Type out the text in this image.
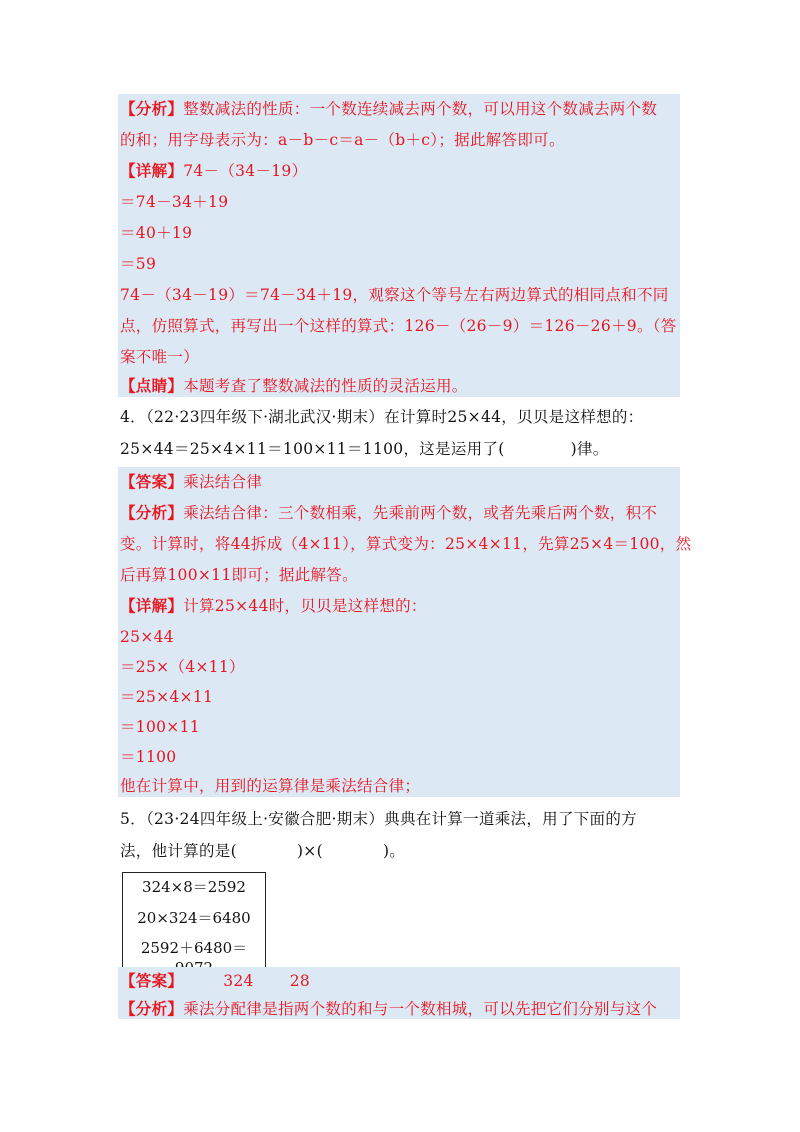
【分析】整数减法的性质：一个数连续减去两个数，可以用这个数减去两个数
的和；用字母表示为：a－b－c＝a－（b＋c）；据此解答即可。
【详解】74－（34－19）
＝74－34＋19
＝40＋19
＝59
74－（34－19）＝74－34＋19，观察这个等号左右两边算式的相同点和不同
点，仿照算式，再写出一个这样的算式：126－（26－9）＝126－26＋9。（答
案不唯一）
【点睛】本题考查了整数减法的性质的灵活运用。
4．（22·23四年级下·湖北武汉·期末）在计算时25×44，贝贝是这样想的：
25×44＝25×4×11＝100×11＝1100，这是运用了(	)律。
【答案】乘法结合律
【分析】乘法结合律：三个数相乘，先乘前两个数，或者先乘后两个数，积不
变。计算时，将44拆成（4×11），算式变为：25×4×11，先算25×4＝100，然
后再算100×11即可；据此解答。
【详解】计算25×44时，贝贝是这样想的：
25×44
＝25×（4×11）
＝25×4×11
＝100×11
＝1100
他在计算中，用到的运算律是乘法结合律；
5．（23·24四年级上·安徽合肥·期末）典典在计算一道乘法，用了下面的方
法，他计算的是(	)×(	)。
324×8＝2592
20×324＝6480
2592＋6480＝
【答案】	324 28
【分析】乘法分配律是指两个数的和与一个数相城，可以先把它们分别与这个
